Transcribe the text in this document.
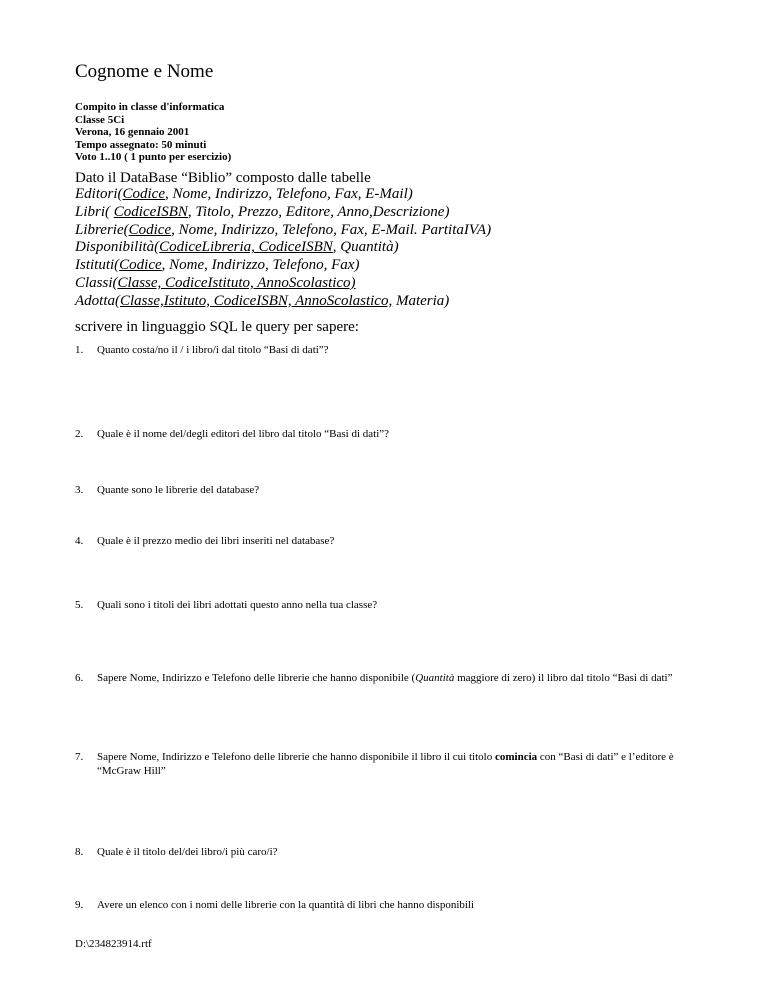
Cognome e Nome
Compito in classe d'informatica
Classe 5Ci
Verona, 16 gennaio 2001
Tempo assegnato: 50 minuti
Voto 1..10 ( 1 punto per esercizio)
Dato il DataBase “Biblio” composto dalle tabelle
Editori(Codice, Nome, Indirizzo, Telefono, Fax, E-Mail)
Libri( CodiceISBN, Titolo, Prezzo, Editore, Anno,Descrizione)
Librerie(Codice, Nome, Indirizzo, Telefono, Fax, E-Mail. PartitaIVA)
Disponibilità(CodiceLibreria, CodiceISBN, Quantità)
Istituti(Codice, Nome, Indirizzo, Telefono, Fax)
Classi(Classe, CodiceIstituto, AnnoScolastico)
Adotta(Classe,Istituto, CodiceISBN, AnnoScolastico, Materia)
scrivere in linguaggio SQL le query per sapere:
1. Quanto costa/no il / i libro/i dal titolo “Basi di dati”?
2. Quale è il nome del/degli editori del libro dal titolo “Basi di dati”?
3. Quante sono le librerie del database?
4. Quale è il prezzo medio dei libri inseriti nel database?
5. Quali sono i titoli dei libri adottati questo anno nella tua classe?
6. Sapere Nome, Indirizzo e Telefono delle librerie che hanno disponibile (Quantità maggiore di zero) il libro dal titolo “Basi di dati”
7. Sapere Nome, Indirizzo e Telefono delle librerie che hanno disponibile il libro il cui titolo comincia con “Basi di dati” e l’editore è “McGraw Hill”
8. Quale è il titolo del/dei libro/i più caro/i?
9. Avere un elenco con i nomi delle librerie con la quantità di libri che hanno disponibili
D:\234823914.rtf
